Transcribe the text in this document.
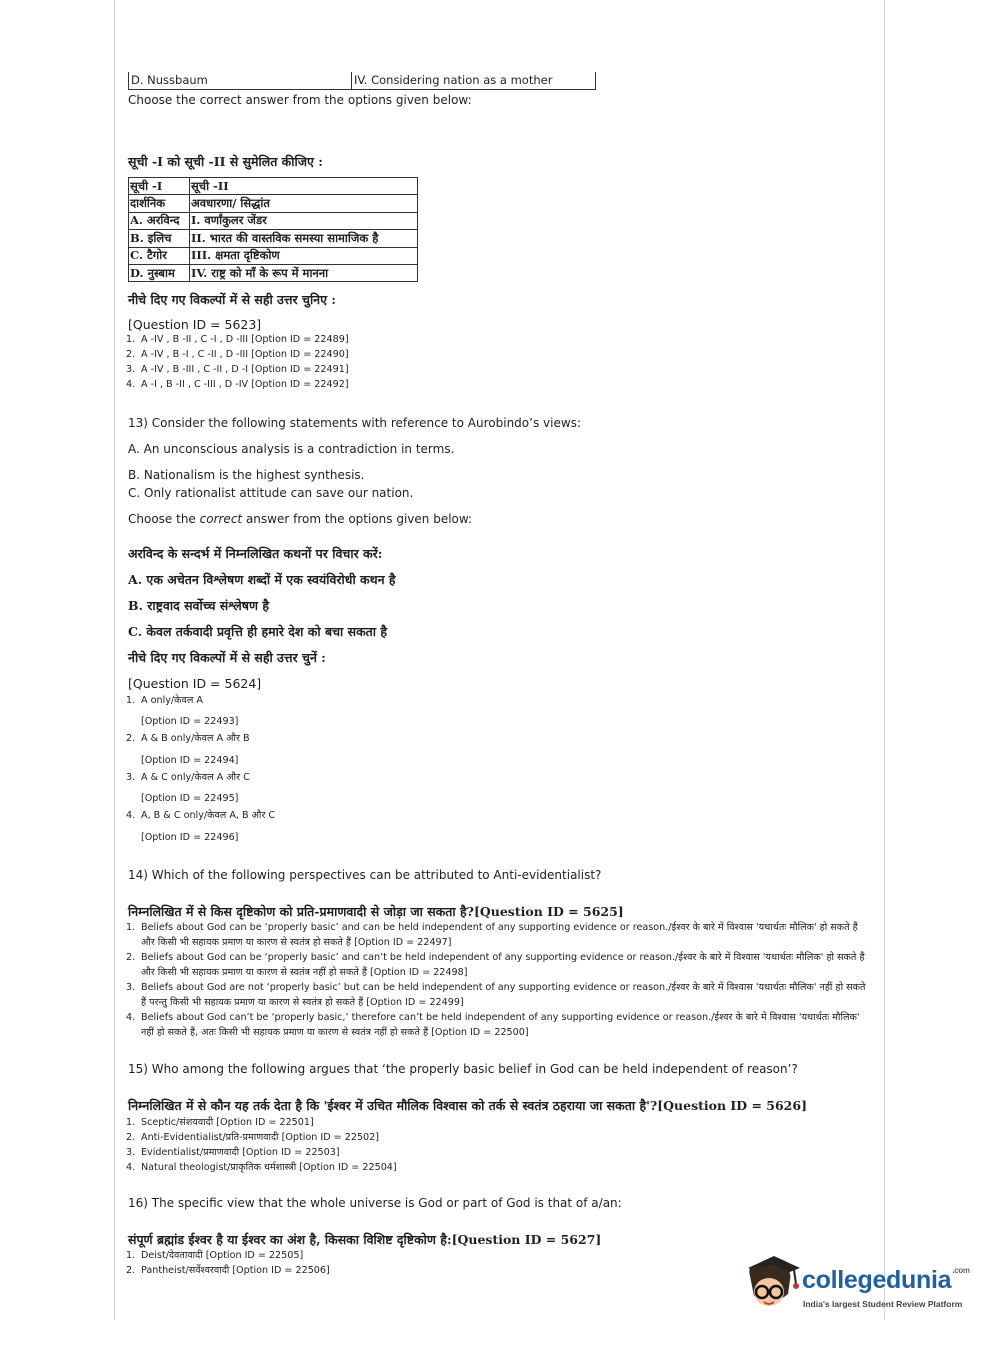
D. Nussbaum	IV. Considering nation as a mother
Choose the correct answer from the options given below:
सूची -I को सूची -II से सुमेलित कीजिए :
सूची -I	सूची -II
दार्शनिक	अवधारणा/ सिद्धांत
A. अरविन्द	I. वर्णांकुलर जेंडर
B. इलिच	II. भारत की वास्तविक समस्या सामाजिक है
C. टैगोर	III. क्षमता दृष्टिकोण
D. नुस्बाम	IV. राष्ट्र को माँ के रूप में मानना
नीचे दिए गए विकल्पों में से सही उत्तर चुनिए :
[Question ID = 5623]
1. A -IV , B -II , C -I , D -III [Option ID = 22489]
2. A -IV , B -I , C -II , D -III [Option ID = 22490]
3. A -IV , B -III , C -II , D -I [Option ID = 22491]
4. A -I , B -II , C -III , D -IV [Option ID = 22492]
13) Consider the following statements with reference to Aurobindo’s views:
A. An unconscious analysis is a contradiction in terms.
B. Nationalism is the highest synthesis.
C. Only rationalist attitude can save our nation.
Choose the correct answer from the options given below:
अरविन्द के सन्दर्भ में निम्नलिखित कथनों पर विचार करें:
A. एक अचेतन विश्लेषण शब्दों में एक स्वयंविरोधी कथन है
B. राष्ट्रवाद सर्वोच्च संश्लेषण है
C. केवल तर्कवादी प्रवृत्ति ही हमारे देश को बचा सकता है
नीचे दिए गए विकल्पों में से सही उत्तर चुनें :
[Question ID = 5624]
1. A only/केवल A
[Option ID = 22493]
2. A & B only/केवल A और B
[Option ID = 22494]
3. A & C only/केवल A और C
[Option ID = 22495]
4. A, B & C only/केवल A, B और C
[Option ID = 22496]
14) Which of the following perspectives can be attributed to Anti-evidentialist?
निम्नलिखित में से किस दृष्टिकोण को प्रति-प्रमाणवादी से जोड़ा जा सकता है?[Question ID = 5625]
1. Beliefs about God can be ‘properly basic’ and can be held independent of any supporting evidence or reason./ईश्वर के बारे में विश्वास 'यथार्थतः मौलिक' हो सकते हैं और किसी भी सहायक प्रमाण या कारण से स्वतंत्र हो सकते हैं [Option ID = 22497]
2. Beliefs about God can be ‘properly basic’ and can’t be held independent of any supporting evidence or reason./ईश्वर के बारे में विश्वास 'यथार्थतः मौलिक' हो सकते हैं और किसी भी सहायक प्रमाण या कारण से स्वतंत्र नहीं हो सकते हैं [Option ID = 22498]
3. Beliefs about God are not ‘properly basic’ but can be held independent of any supporting evidence or reason./ईश्वर के बारे में विश्वास 'यथार्थतः मौलिक' नहीं हो सकते हैं परन्तु किसी भी सहायक प्रमाण या कारण से स्वतंत्र हो सकते हैं [Option ID = 22499]
4. Beliefs about God can’t be ‘properly basic,’ therefore can’t be held independent of any supporting evidence or reason./ईश्वर के बारे में विश्वास 'यथार्थतः मौलिक' नहीं हो सकते हैं, अतः किसी भी सहायक प्रमाण या कारण से स्वतंत्र नहीं हो सकते हैं [Option ID = 22500]
15) Who among the following argues that ‘the properly basic belief in God can be held independent of reason’?
निम्नलिखित में से कौन यह तर्क देता है कि 'ईश्वर में उचित मौलिक विश्वास को तर्क से स्वतंत्र ठहराया जा सकता है'?[Question ID = 5626]
1. Sceptic/संशयवादी [Option ID = 22501]
2. Anti-Evidentialist/प्रति-प्रमाणवादी [Option ID = 22502]
3. Evidentialist/प्रमाणवादी [Option ID = 22503]
4. Natural theologist/प्राकृतिक धर्मशास्त्री [Option ID = 22504]
16) The specific view that the whole universe is God or part of God is that of a/an:
संपूर्ण ब्रह्मांड ईश्वर है या ईश्वर का अंश है, किसका विशिष्ट दृष्टिकोण है:[Question ID = 5627]
1. Deist/देवतावादी [Option ID = 22505]
2. Pantheist/सर्वेश्वरवादी [Option ID = 22506]	collegedunia$^{.com}$
India's largest Student Review Platform
